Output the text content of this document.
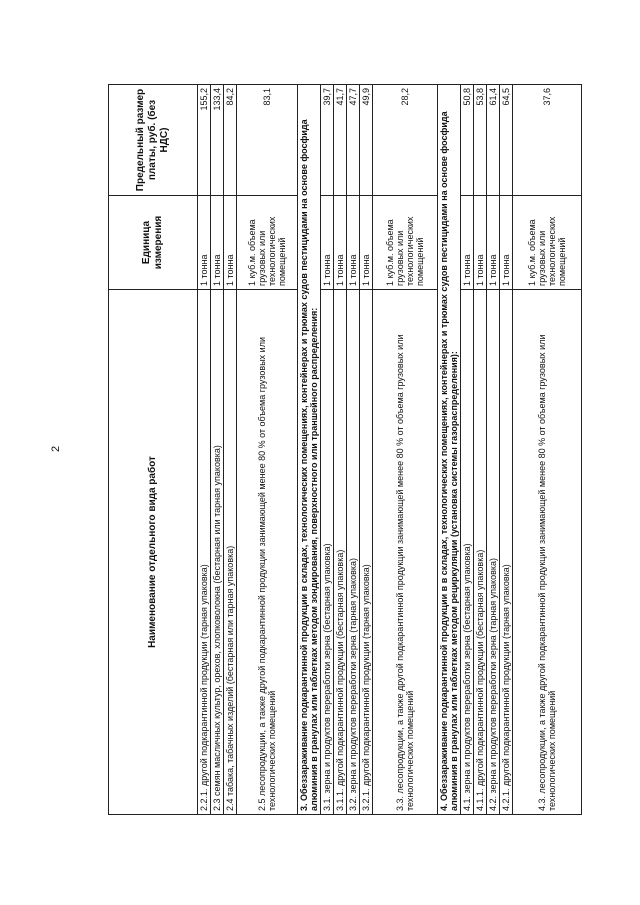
2
Наименование отдельного вида работ	Единица измерения	Предельный размер платы, руб. (без НДС)
2.2.1. другой подкарантинной продукции (тарная упаковка)	1 тонна	155,2
2.3 семян масличных культур, орехов, хлопковолокна (бестарная или тарная упаковка)	1 тонна	133,4
2.4 табака, табачных изделий (бестарная или тарная упаковка)	1 тонна	84,2
2.5 лесопродукции, а также другой подкарантинной продукции занимающей менее 80 % от объема грузовых или технологических помещений	1 куб.м. объема грузовых или технологических помещений	83,1
3. Обеззараживание подкарантинной продукции в складах, технологических помещениях, контейнерах и трюмах судов пестицидами на основе фосфида алюминия в гранулах или таблетках методом зондирования, поверхностного или траншейного распределения:		
3.1. зерна и продуктов переработки зерна (бестарная упаковка)	1 тонна	39,7
3.1.1. другой подкарантинной продукции (бестарная упаковка)	1 тонна	41,7
3.2. зерна и продуктов переработки зерна (тарная упаковка)	1 тонна	47,7
3.2.1. другой подкарантинной продукции (тарная упаковка)	1 тонна	49,9
3.3. лесопродукции, а также другой подкарантинной продукции занимающей менее 80 % от объема грузовых или технологических помещений	1 куб.м. объема грузовых или технологических помещений	28,2
4. Обеззараживание подкарантинной продукции в в складах, технологических помещениях, контейнерах и трюмах судов пестицидами на основе фосфида алюминия в гранулах или таблетках методом рециркуляции (установка системы газораспределения):		
4.1. зерна и продуктов переработки зерна (бестарная упаковка)	1 тонна	50,8
4.1.1. другой подкарантинной продукции (бестарная упаковка)	1 тонна	53,8
4.2. зерна и продуктов переработки зерна (тарная упаковка)	1 тонна	61,4
4.2.1. другой подкарантинной продукции (тарная упаковка)	1 тонна	64,5
4.3. лесопродукции, а также другой подкарантинной продукции занимающей менее 80 % от объема грузовых или технологических помещений	1 куб.м. объема грузовых или технологических помещений	37,6
